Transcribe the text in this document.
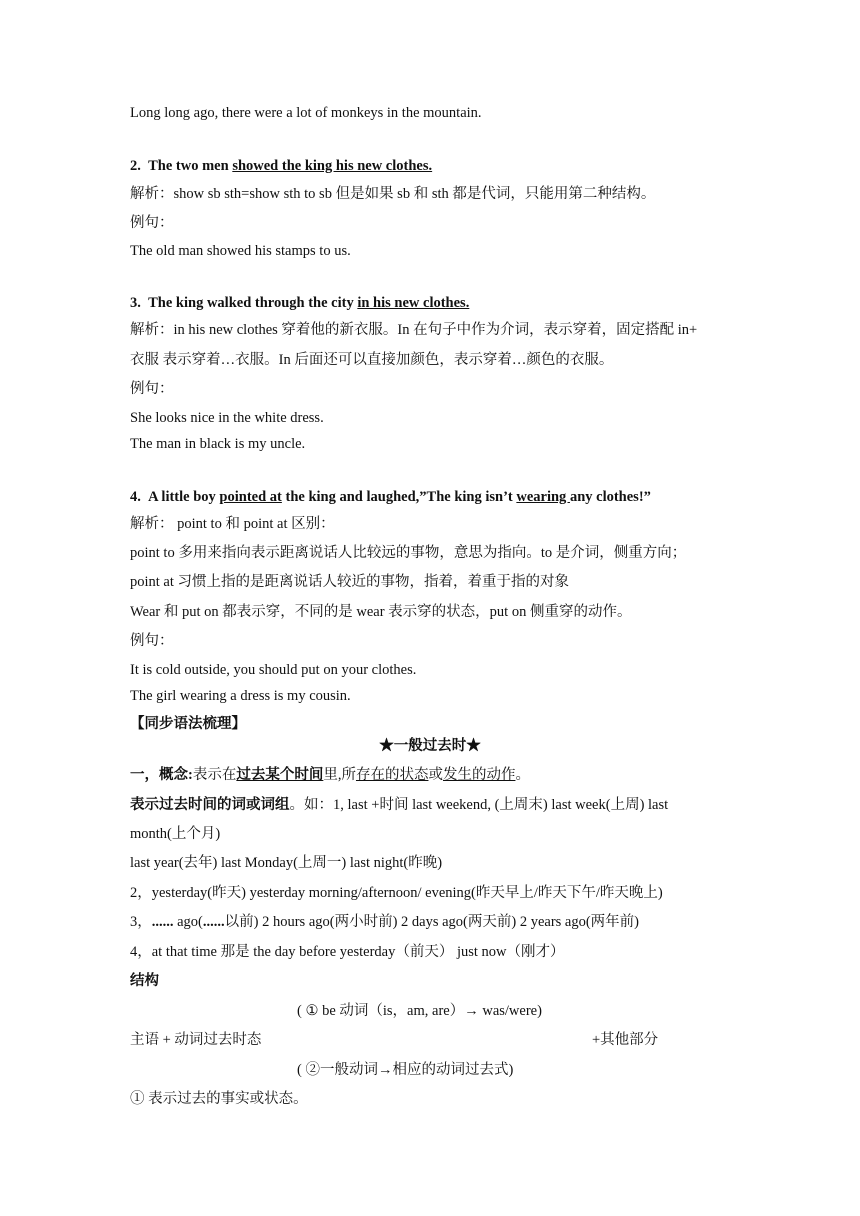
Long long ago, there were a lot of monkeys in the mountain.
2. The two men showed the king his new clothes.
解析：show sb sth=show sth to sb 但是如果 sb 和 sth 都是代词，只能用第二种结构。
例句：
The old man showed his stamps to us.
3. The king walked through the city in his new clothes.
解析：in his new clothes 穿着他的新衣服。In 在句子中作为介词，表示穿着，固定搭配 in+
衣服 表示穿着…衣服。In 后面还可以直接加颜色，表示穿着…颜色的衣服。
例句：
She looks nice in the white dress.
The man in black is my uncle.
4. A little boy pointed at the king and laughed,”The king isn’t wearing any clothes!”
解析： point to 和 point at 区别：
point to 多用来指向表示距离说话人比较远的事物，意思为指向。to 是介词，侧重方向；
point at 习惯上指的是距离说话人较近的事物，指着，着重于指的对象
Wear 和 put on 都表示穿，不同的是 wear 表示穿的状态，put on 侧重穿的动作。
例句：
It is cold outside, you should put on your clothes.
The girl wearing a dress is my cousin.
【同步语法梳理】
★一般过去时★
一，概念:表示在过去某个时间里,所存在的状态或发生的动作。
表示过去时间的词或词组。如：1, last +时间 last weekend, (上周末) last week(上周) last
month(上个月)
last year(去年) last Monday(上周一) last night(昨晚)
2，yesterday(昨天) yesterday morning/afternoon/ evening(昨天早上/昨天下午/昨天晚上)
3，...... ago(......以前) 2 hours ago(两小时前) 2 days ago(两天前) 2 years ago(两年前)
4，at that time 那是 the day before yesterday（前天） just now（刚才）
结构
( ① be 动词（is，am, are）→ was/were)
主语 + 动词过去时态	+其他部分
( ②一般动词→相应的动词过去式)
① 表示过去的事实或状态。
